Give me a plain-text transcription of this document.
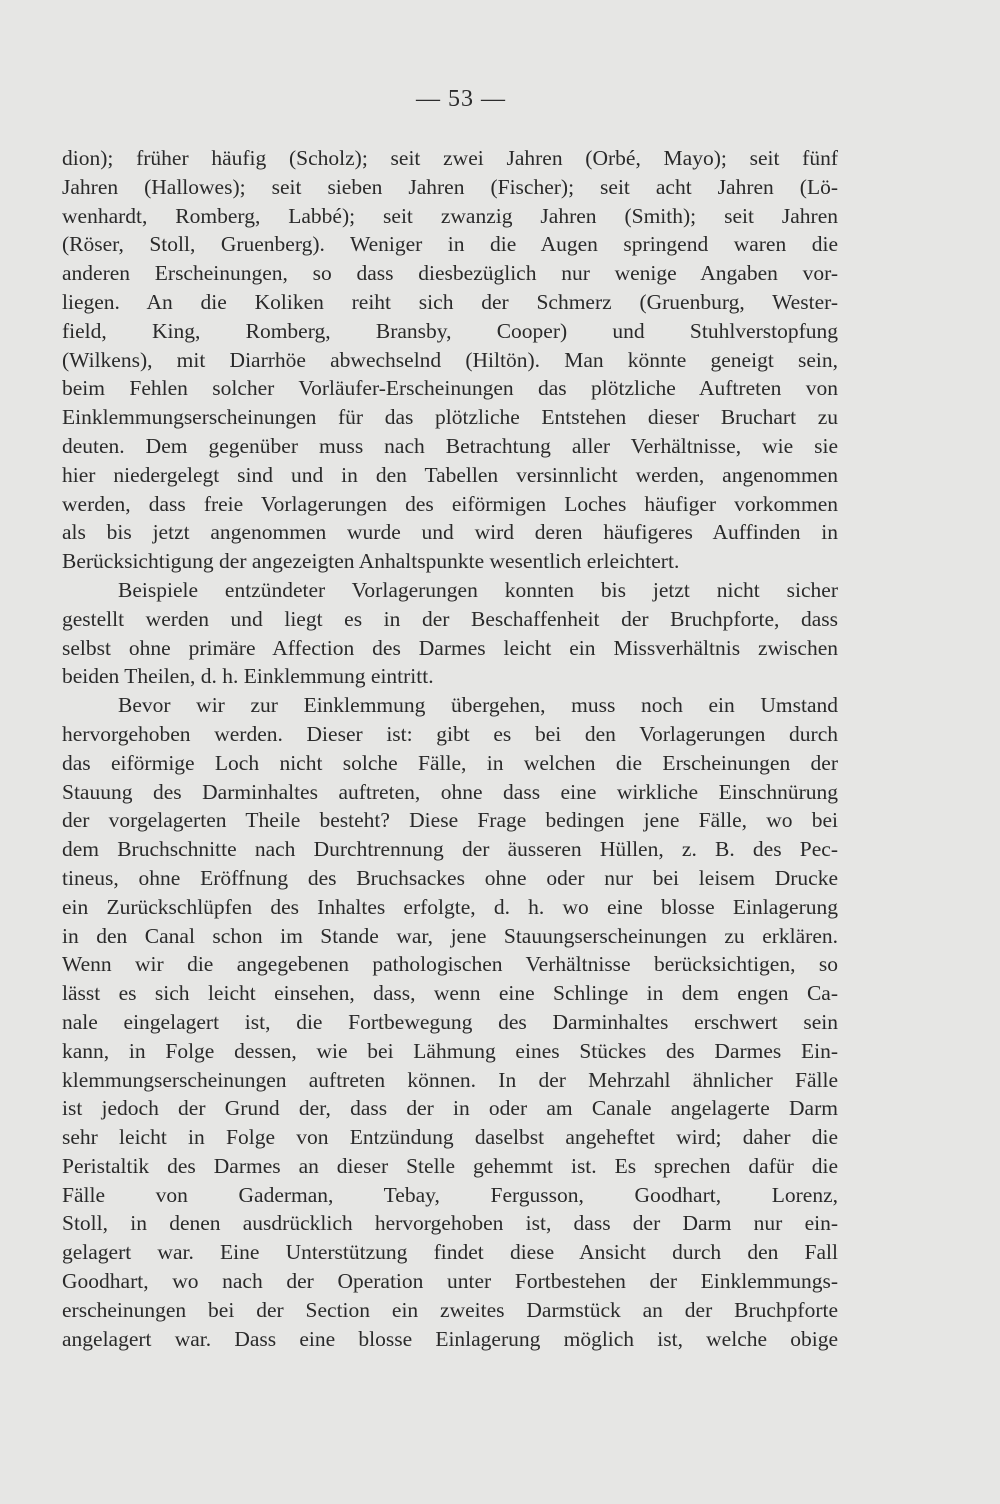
— 53 —
dion); früher häufig (Scholz); seit zwei Jahren (Orbé, Mayo); seit fünf
Jahren (Hallowes); seit sieben Jahren (Fischer); seit acht Jahren (Lö-
wenhardt, Romberg, Labbé); seit zwanzig Jahren (Smith); seit Jahren
(Röser, Stoll, Gruenberg). Weniger in die Augen springend waren die
anderen Erscheinungen, so dass diesbezüglich nur wenige Angaben vor-
liegen. An die Koliken reiht sich der Schmerz (Gruenburg, Wester-
field, King, Romberg, Bransby, Cooper) und Stuhlverstopfung
(Wilkens), mit Diarrhöe abwechselnd (Hiltön). Man könnte geneigt sein,
beim Fehlen solcher Vorläufer-Erscheinungen das plötzliche Auftreten von
Einklemmungserscheinungen für das plötzliche Entstehen dieser Bruchart zu
deuten. Dem gegenüber muss nach Betrachtung aller Verhältnisse, wie sie
hier niedergelegt sind und in den Tabellen versinnlicht werden, angenommen
werden, dass freie Vorlagerungen des eiförmigen Loches häufiger vorkommen
als bis jetzt angenommen wurde und wird deren häufigeres Auffinden in
Berücksichtigung der angezeigten Anhaltspunkte wesentlich erleichtert.
Beispiele entzündeter Vorlagerungen konnten bis jetzt nicht sicher
gestellt werden und liegt es in der Beschaffenheit der Bruchpforte, dass
selbst ohne primäre Affection des Darmes leicht ein Missverhältnis zwischen
beiden Theilen, d. h. Einklemmung eintritt.
Bevor wir zur Einklemmung übergehen, muss noch ein Umstand
hervorgehoben werden. Dieser ist: gibt es bei den Vorlagerungen durch
das eiförmige Loch nicht solche Fälle, in welchen die Erscheinungen der
Stauung des Darminhaltes auftreten, ohne dass eine wirkliche Einschnürung
der vorgelagerten Theile besteht? Diese Frage bedingen jene Fälle, wo bei
dem Bruchschnitte nach Durchtrennung der äusseren Hüllen, z. B. des Pec-
tineus, ohne Eröffnung des Bruchsackes ohne oder nur bei leisem Drucke
ein Zurückschlüpfen des Inhaltes erfolgte, d. h. wo eine blosse Einlagerung
in den Canal schon im Stande war, jene Stauungserscheinungen zu erklären.
Wenn wir die angegebenen pathologischen Verhältnisse berücksichtigen, so
lässt es sich leicht einsehen, dass, wenn eine Schlinge in dem engen Ca-
nale eingelagert ist, die Fortbewegung des Darminhaltes erschwert sein
kann, in Folge dessen, wie bei Lähmung eines Stückes des Darmes Ein-
klemmungserscheinungen auftreten können. In der Mehrzahl ähnlicher Fälle
ist jedoch der Grund der, dass der in oder am Canale angelagerte Darm
sehr leicht in Folge von Entzündung daselbst angeheftet wird; daher die
Peristaltik des Darmes an dieser Stelle gehemmt ist. Es sprechen dafür die
Fälle von Gaderman, Tebay, Fergusson, Goodhart, Lorenz,
Stoll, in denen ausdrücklich hervorgehoben ist, dass der Darm nur ein-
gelagert war. Eine Unterstützung findet diese Ansicht durch den Fall
Goodhart, wo nach der Operation unter Fortbestehen der Einklemmungs-
erscheinungen bei der Section ein zweites Darmstück an der Bruchpforte
angelagert war. Dass eine blosse Einlagerung möglich ist, welche obige
